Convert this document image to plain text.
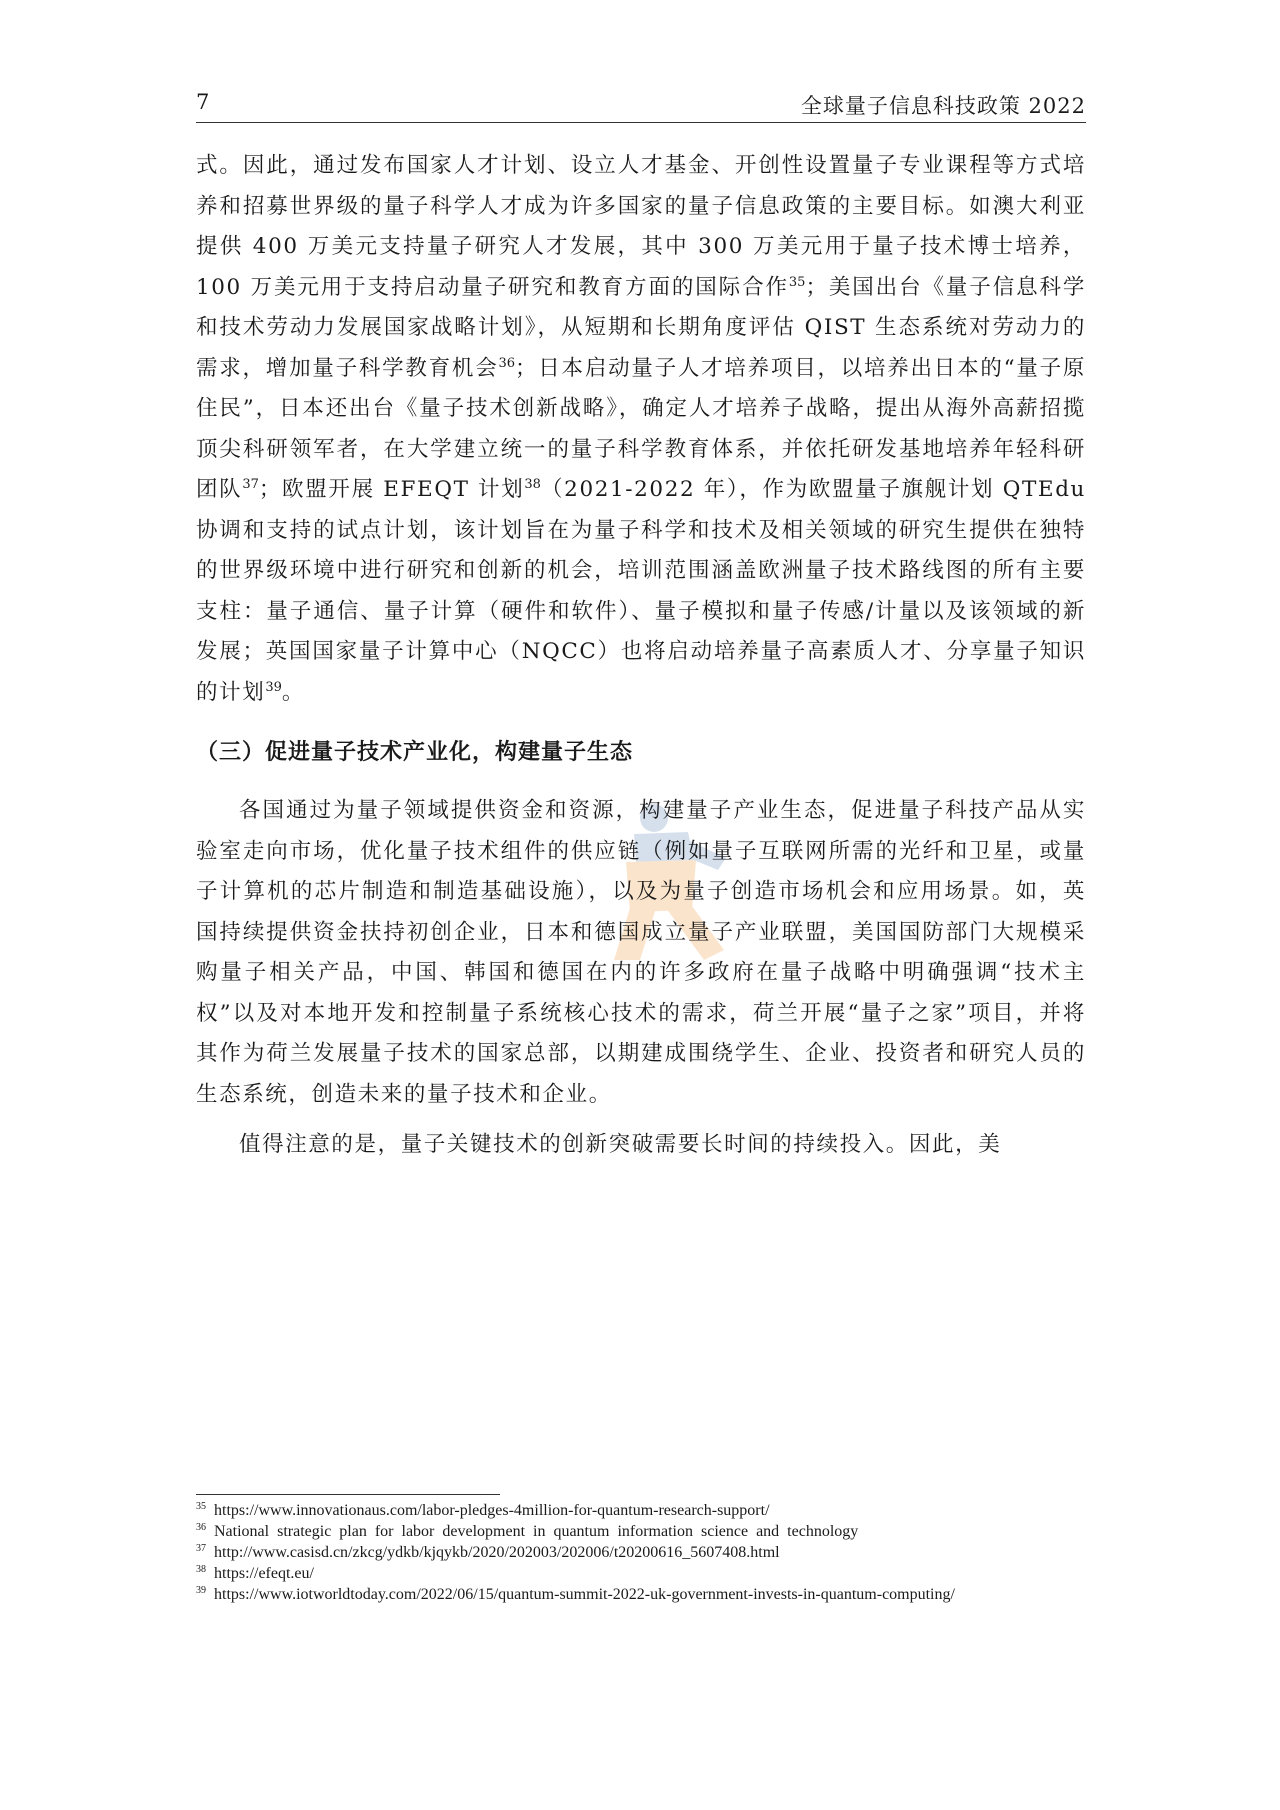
7	全球量子信息科技政策 2022

式。因此，通过发布国家人才计划、设立人才基金、开创性设置量子专业课程等方式培养和招募世界级的量子科学人才成为许多国家的量子信息政策的主要目标。如澳大利亚提供 400 万美元支持量子研究人才发展，其中 300 万美元用于量子技术博士培养，100 万美元用于支持启动量子研究和教育方面的国际合作$^{35}$；美国出台《量子信息科学和技术劳动力发展国家战略计划》，从短期和长期角度评估 QIST 生态系统对劳动力的需求，增加量子科学教育机会$^{36}$；日本启动量子人才培养项目，以培养出日本的“量子原住民”，日本还出台《量子技术创新战略》，确定人才培养子战略，提出从海外高薪招揽顶尖科研领军者，在大学建立统一的量子科学教育体系，并依托研发基地培养年轻科研团队$^{37}$；欧盟开展 EFEQT 计划$^{38}$（2021-2022 年），作为欧盟量子旗舰计划 QTEdu 协调和支持的试点计划，该计划旨在为量子科学和技术及相关领域的研究生提供在独特的世界级环境中进行研究和创新的机会，培训范围涵盖欧洲量子技术路线图的所有主要支柱：量子通信、量子计算（硬件和软件）、量子模拟和量子传感/计量以及该领域的新发展；英国国家量子计算中心（NQCC）也将启动培养量子高素质人才、分享量子知识的计划$^{39}$。

（三）促进量子技术产业化，构建量子生态

各国通过为量子领域提供资金和资源，构建量子产业生态，促进量子科技产品从实验室走向市场，优化量子技术组件的供应链（例如量子互联网所需的光纤和卫星，或量子计算机的芯片制造和制造基础设施），以及为量子创造市场机会和应用场景。如，英国持续提供资金扶持初创企业，日本和德国成立量子产业联盟，美国国防部门大规模采购量子相关产品，中国、韩国和德国在内的许多政府在量子战略中明确强调“技术主权”以及对本地开发和控制量子系统核心技术的需求，荷兰开展“量子之家”项目，并将其作为荷兰发展量子技术的国家总部，以期建成围绕学生、企业、投资者和研究人员的生态系统，创造未来的量子技术和企业。

值得注意的是，量子关键技术的创新突破需要长时间的持续投入。因此，美

$^{35}$ https://www.innovationaus.com/labor-pledges-4million-for-quantum-research-support/

$^{36}$ National strategic plan for labor development in quantum information science and technology

$^{37}$ http://www.casisd.cn/zkcg/ydkb/kjqykb/2020/202003/202006/t20200616_5607408.html

$^{38}$ https://efeqt.eu/

$^{39}$ https://www.iotworldtoday.com/2022/06/15/quantum-summit-2022-uk-government-invests-in-quantum-computing/
